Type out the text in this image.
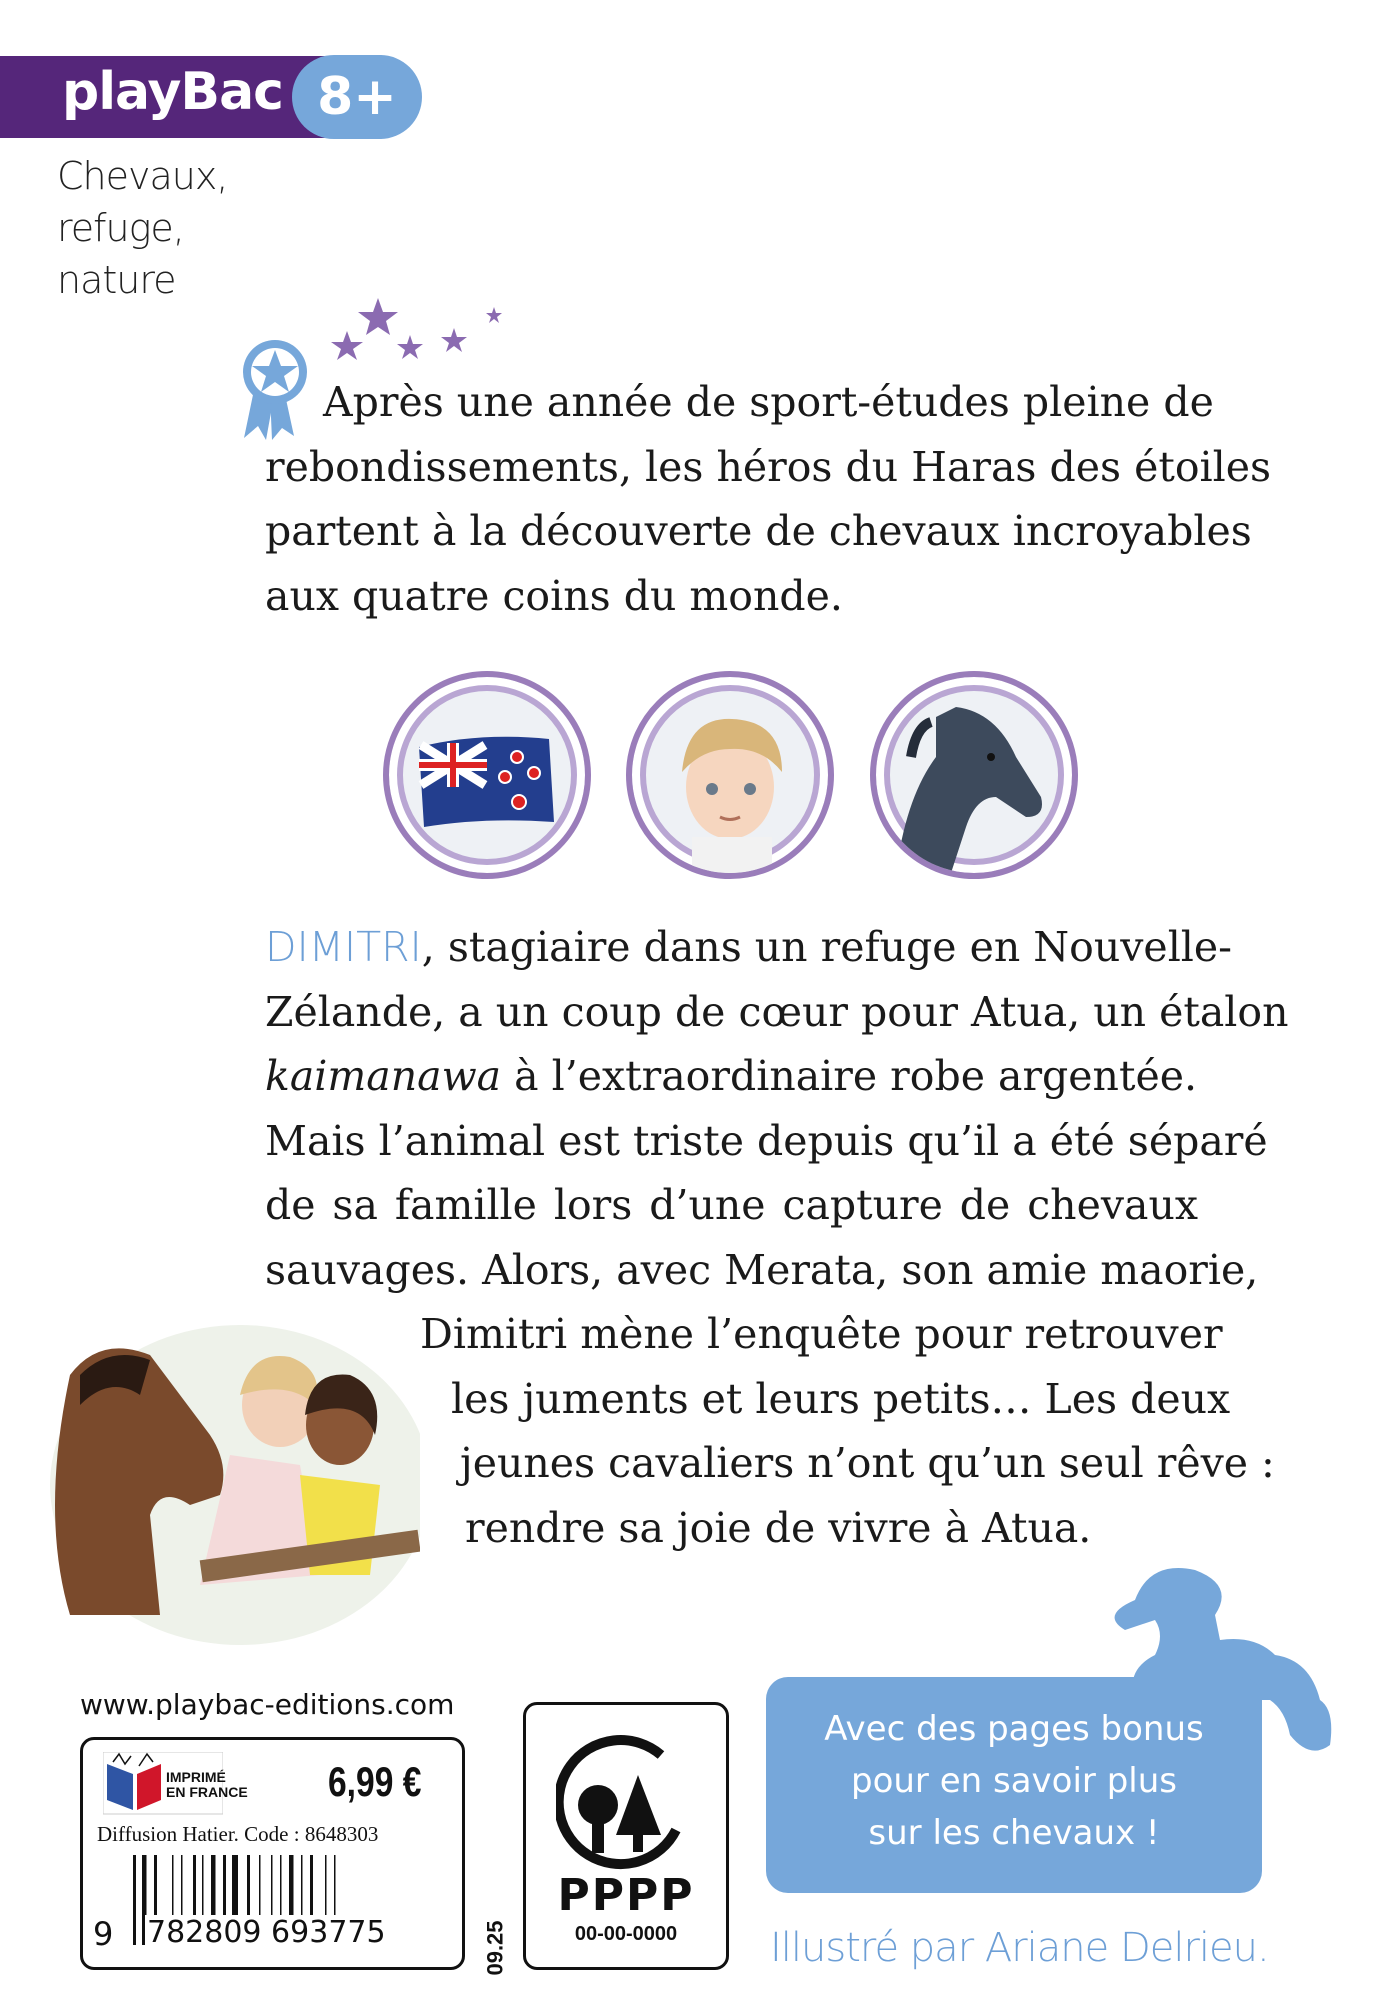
playBac 8+
Chevaux,
refuge,
nature
Après une année de sport-études pleine de
rebondissements, les héros du Haras des étoiles
partent à la découverte de chevaux incroyables
aux quatre coins du monde.
DIMITRI, stagiaire dans un refuge en Nouvelle-
Zélande, a un coup de cœur pour Atua, un étalon
kaimanawa à l’extraordinaire robe argentée.
Mais l’animal est triste depuis qu’il a été séparé
de sa famille lors d’une capture de chevaux
sauvages. Alors, avec Merata, son amie maorie,
Dimitri mène l’enquête pour retrouver
les juments et leurs petits… Les deux
jeunes cavaliers n’ont qu’un seul rêve :
rendre sa joie de vivre à Atua.
Avec des pages bonus
pour en savoir plus
sur les chevaux !
Illustré par Ariane Delrieu.
www.playbac-editions.com
IMPRIMÉ
EN FRANCE 6,99 €
Diffusion Hatier. Code : 8648303
9 782809 693775	09.25
PPPP
00-00-0000
